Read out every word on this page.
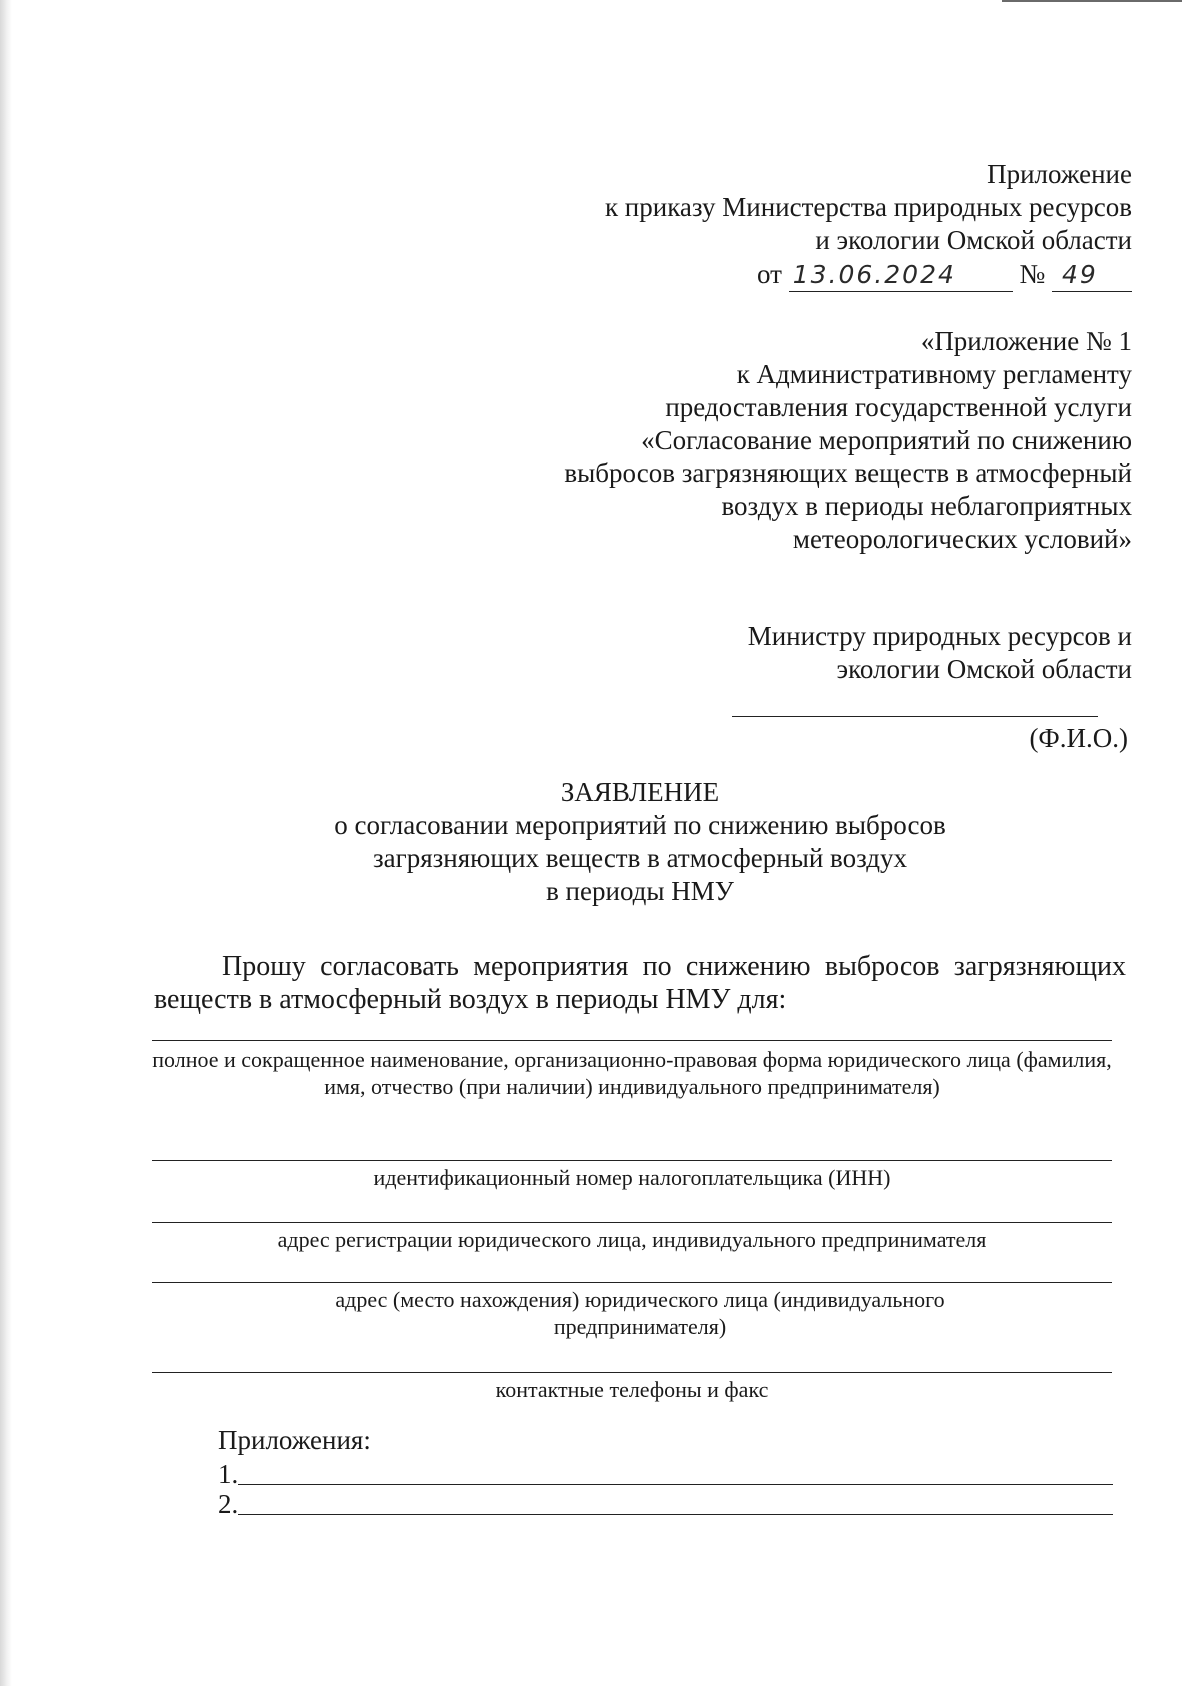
Приложение
к приказу Министерства природных ресурсов
и экологии Омской области
от 13.06.2024 № 49
«Приложение № 1
к Административному регламенту
предоставления государственной услуги
«Согласование мероприятий по снижению
выбросов загрязняющих веществ в атмосферный
воздух в периоды неблагоприятных
метеорологических условий»
Министру природных ресурсов и
экологии Омской области
(Ф.И.О.)
ЗАЯВЛЕНИЕ
о согласовании мероприятий по снижению выбросов
загрязняющих веществ в атмосферный воздух
в периоды НМУ
Прошу согласовать мероприятия по снижению выбросов загрязняющих веществ в атмосферный воздух в периоды НМУ для:
полное и сокращенное наименование, организационно-правовая форма юридического лица (фамилия, имя, отчество (при наличии) индивидуального предпринимателя)
идентификационный номер налогоплательщика (ИНН)
адрес регистрации юридического лица, индивидуального предпринимателя
адрес (место нахождения) юридического лица (индивидуального предпринимателя)
контактные телефоны и факс
Приложения:
1.
2.
